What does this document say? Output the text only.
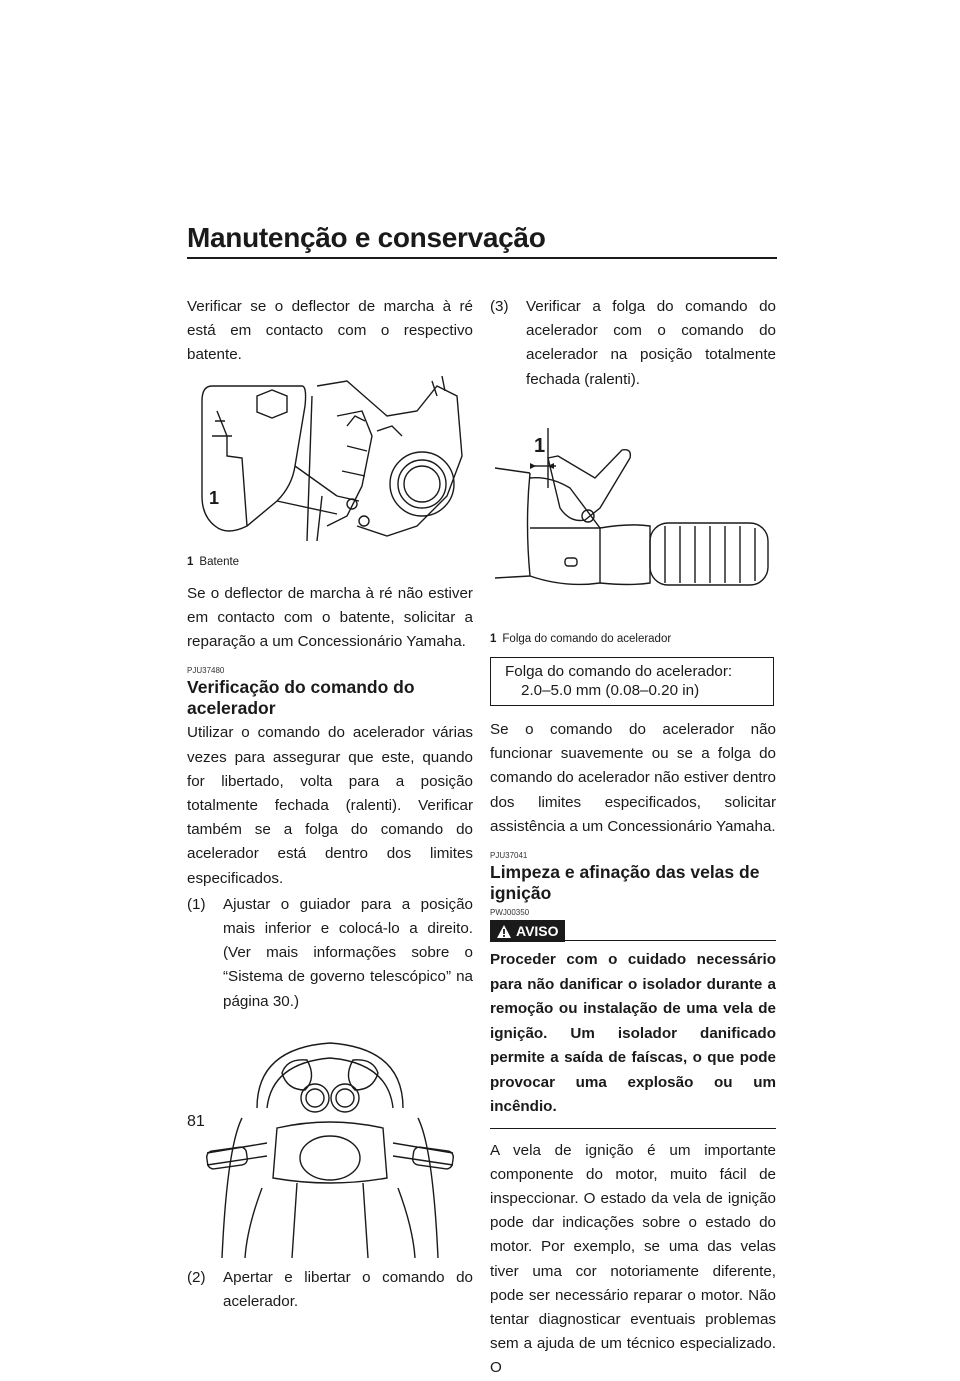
Manutenção e conservação

Verificar se o deflector de marcha à ré está em contacto com o respectivo batente.

1
1 Batente

Se o deflector de marcha à ré não estiver em contacto com o batente, solicitar a reparação a um Concessionário Yamaha.

PJU37480
Verificação do comando do acelerador

Utilizar o comando do acelerador várias vezes para assegurar que este, quando for libertado, volta para a posição totalmente fechada (ralenti). Verificar também se a folga do comando do acelerador está dentro dos limites especificados.

(1)	Ajustar o guiador para a posição mais inferior e colocá-lo a direito. (Ver mais informações sobre o “Sistema de governo telescópico” na página 30.)
(2)	Apertar e libertar o comando do acelerador.
(3)	Verificar a folga do comando do acelerador com o comando do acelerador na posição totalmente fechada (ralenti).
1
1 Folga do comando do acelerador
Folga do comando do acelerador:
2.0–5.0 mm (0.08–0.20 in)

Se o comando do acelerador não funcionar suavemente ou se a folga do comando do acelerador não estiver dentro dos limites especificados, solicitar assistência a um Concessionário Yamaha.

PJU37041
Limpeza e afinação das velas de ignição
PWJ00350
AVISO
Proceder com o cuidado necessário para não danificar o isolador durante a remoção ou instalação de uma vela de ignição. Um isolador danificado permite a saída de faíscas, o que pode provocar uma explosão ou um incêndio.

A vela de ignição é um importante componente do motor, muito fácil de inspeccionar. O estado da vela de ignição pode dar indicações sobre o estado do motor. Por exemplo, se uma das velas tiver uma cor notoriamente diferente, pode ser necessário reparar o motor. Não tentar diagnosticar eventuais problemas sem a ajuda de um técnico especializado. O

81
